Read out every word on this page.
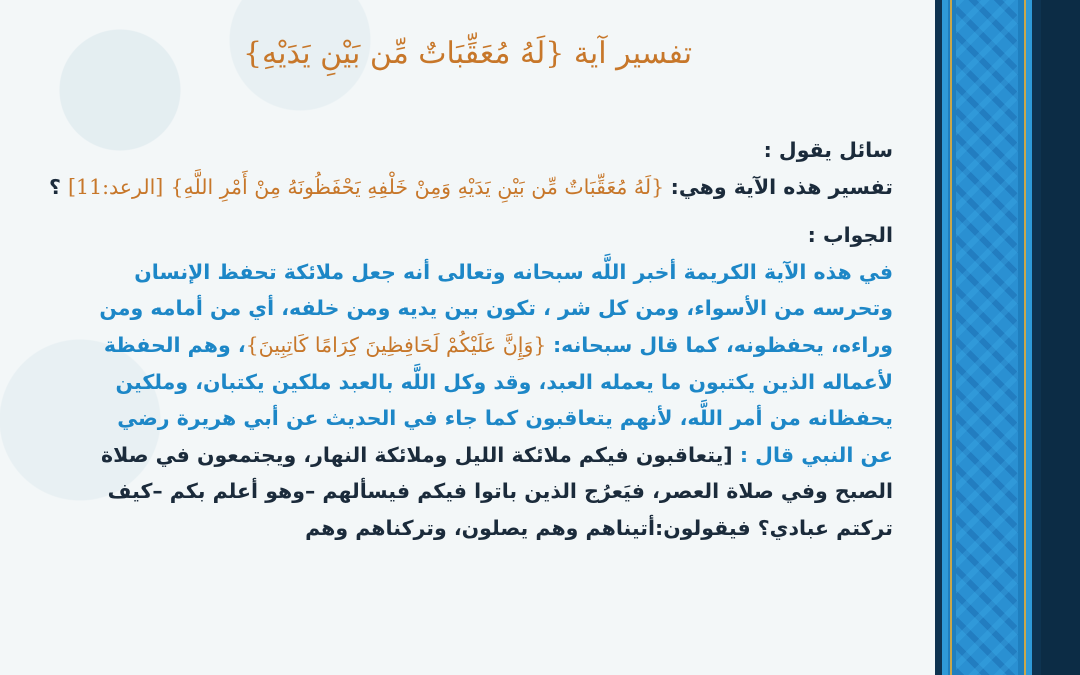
تفسير آية {لَهُ مُعَقِّبَاتٌ مِّن بَيْنِ يَدَيْهِ}

سائل يقول :

تفسير هذه الآية وهي: {لَهُ مُعَقِّبَاتٌ مِّن بَيْنِ يَدَيْهِ وَمِنْ خَلْفِهِ يَحْفَظُونَهُ مِنْ أَمْرِ اللَّهِ} [الرعد:11] ؟

الجواب :

في هذه الآية الكريمة أخبر اللَّه سبحانه وتعالى أنه جعل ملائكة تحفظ الإنسان وتحرسه من الأسواء، ومن كل شر ، تكون بين يديه ومن خلفه، أي من أمامه ومن وراءه، يحفظونه، كما قال سبحانه: {وَإِنَّ عَلَيْكُمْ لَحَافِظِينَ كِرَامًا كَاتِبِينَ}، وهم الحفظة لأعماله الذين يكتبون ما يعمله العبد، وقد وكل اللَّه بالعبد ملكين يكتبان، وملكين يحفظانه من أمر اللَّه، لأنهم يتعاقبون كما جاء في الحديث عن أبي هريرة رضي

عن النبي قال : [يتعاقبون فيكم ملائكة الليل وملائكة النهار، ويجتمعون في صلاة الصبح وفي صلاة العصر، فيَعرُج الذين باتوا فيكم فيسألهم –وهو أعلم بكم –كيف تركتم عبادي؟ فيقولون:أتيناهم وهم يصلون، وتركناهم وهم
